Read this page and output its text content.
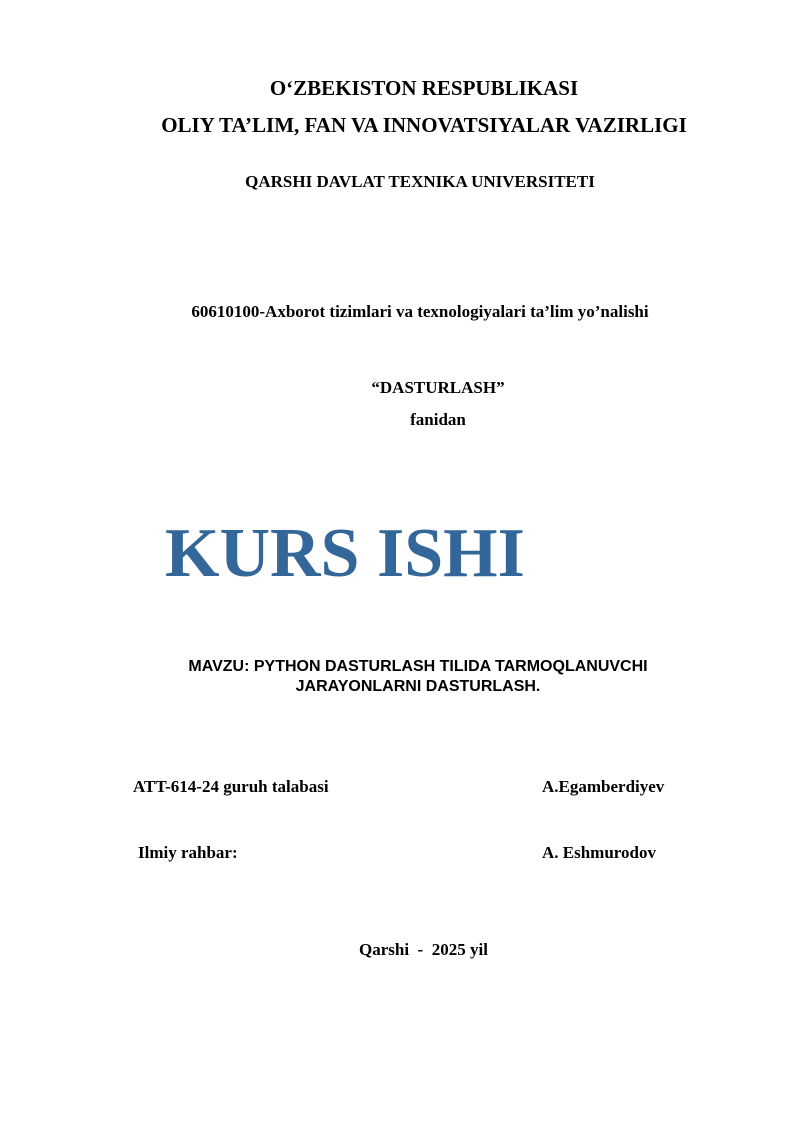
O‘ZBEKISTON RESPUBLIKASI
OLIY TA’LIM, FAN VA INNOVATSIYALAR VAZIRLIGI
QARSHI DAVLAT TEXNIKA UNIVERSITETI
60610100-Axborot tizimlari va texnologiyalari ta’lim yo’nalishi
“DASTURLASH”
fanidan
KURS ISHI
MAVZU: PYTHON DASTURLASH TILIDA TARMOQLANUVCHI
JARAYONLARNI DASTURLASH.
ATT-614-24 guruh talabasi	A.Egamberdiyev
Ilmiy rahbar:	A. Eshmurodov
Qarshi  -  2025 yil
